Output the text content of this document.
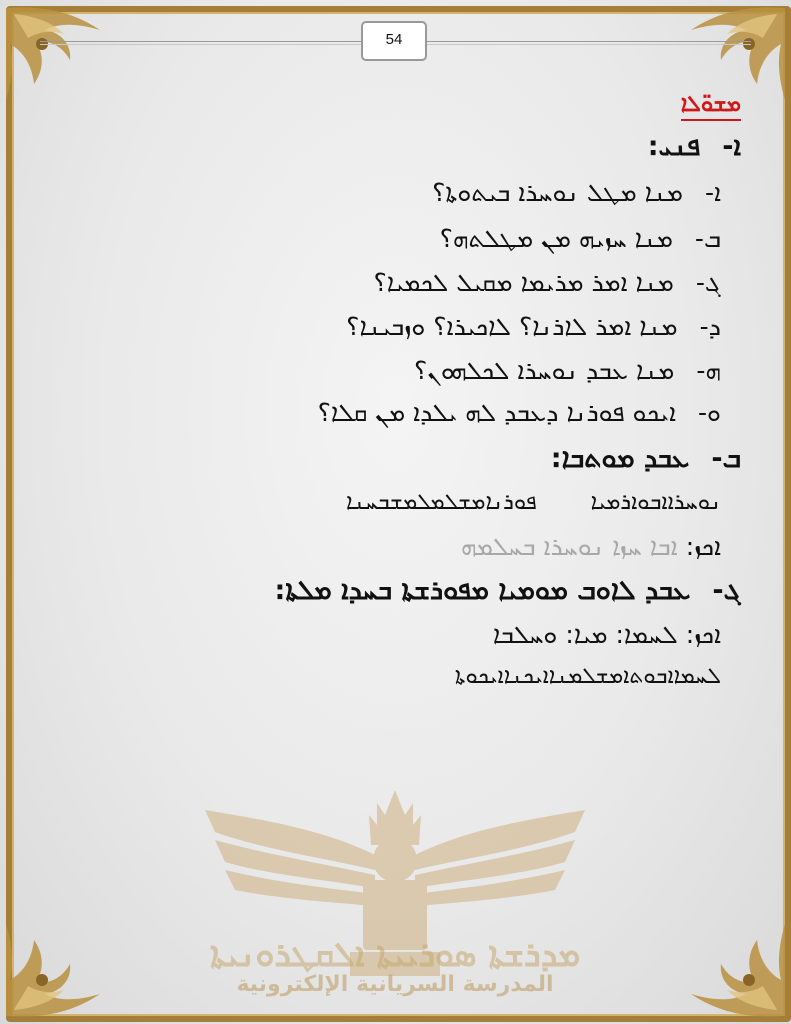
54
ܡܕܪܫܬܐ ܣܘܪܝܝܬܐ ܐܠܩܛܪܘܢܝܬܐ
المدرسة السريانية الإلكترونية
ܡܫܘ̈ܠܐ
ܐ-ܦܢܝ:
ܐ-ܡܢܐ ܡܛܠ ܢܘܚܪܐ ܒܝܬܘܬܐ؟
ܒ-ܡܢܐ ܚܙܝܗ ܡܢ ܡܛܠܬܗ؟
ܓ-ܡܢܐ ܐܡܪ ܡܪܝܡܐ ܡܩܝܠ ܠܟܡܝܐ؟
ܕ-ܡܢܐ ܐܡܪ ܠܐܪܢܐ؟ ܠܐܟܝܪܐ؟ ܘܙܒܝܢܐ؟
ܗ-ܡܢܐ ܥܒܕ ܢܘܚܪܐ ܠܟܠܗܘܢ؟
ܘ-ܐܝܟܘ ܦܘܪܢܐ ܕܥܒܕ ܠܗ ܝܠܕܐ ܡܢ ܩܠܐ؟
ܒ-ܥܒܕ ܡܘܬܒܐ:
ܢܘܚܪܐܐܒܘܐܪܡܝܐ  ܦܘܪܢܐܡܫܠܡܠܡܫܒܚܢܐ
ܐܟܙ:ܐܒܐ ܚܙܐ ܢܘܚܪܐ ܒܚܠܡܗ
ܓ-ܥܒܕ ܠܐܘܒ ܡܘܡܝܐ ܡܦܘܪܫܬܐ ܒܚܕܐ ܡܠܬܐ:
ܐܟܙ:ܠܚܡܐ: ܡܝܐ: ܘܚܠܒܐ
ܠܚܡܐܐܒܘܬܐܡܫܠܡܢܐܐܝܟܢܐܐܝܟܘܬܐ
